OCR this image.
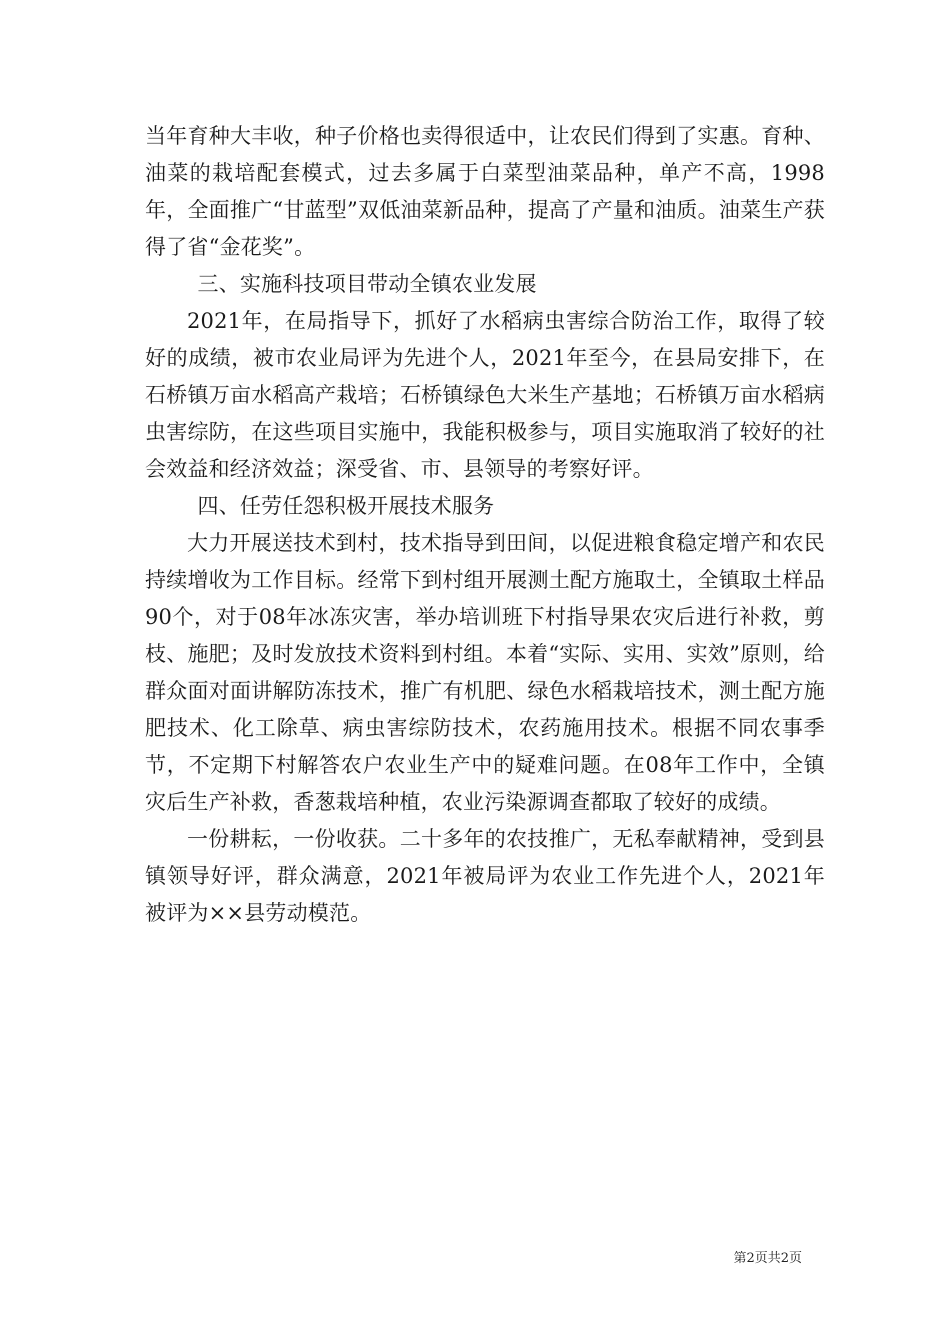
当年育种大丰收，种子价格也卖得很适中，让农民们得到了实惠。育种、油菜的栽培配套模式，过去多属于白菜型油菜品种，单产不高，1998年，全面推广“甘蓝型”双低油菜新品种，提高了产量和油质。油菜生产获得了省“金花奖”。

三、实施科技项目带动全镇农业发展

2021年，在局指导下，抓好了水稻病虫害综合防治工作，取得了较好的成绩，被市农业局评为先进个人，2021年至今，在县局安排下，在石桥镇万亩水稻高产栽培；石桥镇绿色大米生产基地；石桥镇万亩水稻病虫害综防，在这些项目实施中，我能积极参与，项目实施取消了较好的社会效益和经济效益；深受省、市、县领导的考察好评。

四、任劳任怨积极开展技术服务

大力开展送技术到村，技术指导到田间，以促进粮食稳定增产和农民持续增收为工作目标。经常下到村组开展测土配方施取土，全镇取土样品90个，对于08年冰冻灾害，举办培训班下村指导果农灾后进行补救，剪枝、施肥；及时发放技术资料到村组。本着“实际、实用、实效”原则，给群众面对面讲解防冻技术，推广有机肥、绿色水稻栽培技术，测土配方施肥技术、化工除草、病虫害综防技术，农药施用技术。根据不同农事季节，不定期下村解答农户农业生产中的疑难问题。在08年工作中，全镇灾后生产补救，香葱栽培种植，农业污染源调查都取了较好的成绩。

一份耕耘，一份收获。二十多年的农技推广，无私奉献精神，受到县镇领导好评，群众满意，2021年被局评为农业工作先进个人，2021年被评为××县劳动模范。

第2页共2页
